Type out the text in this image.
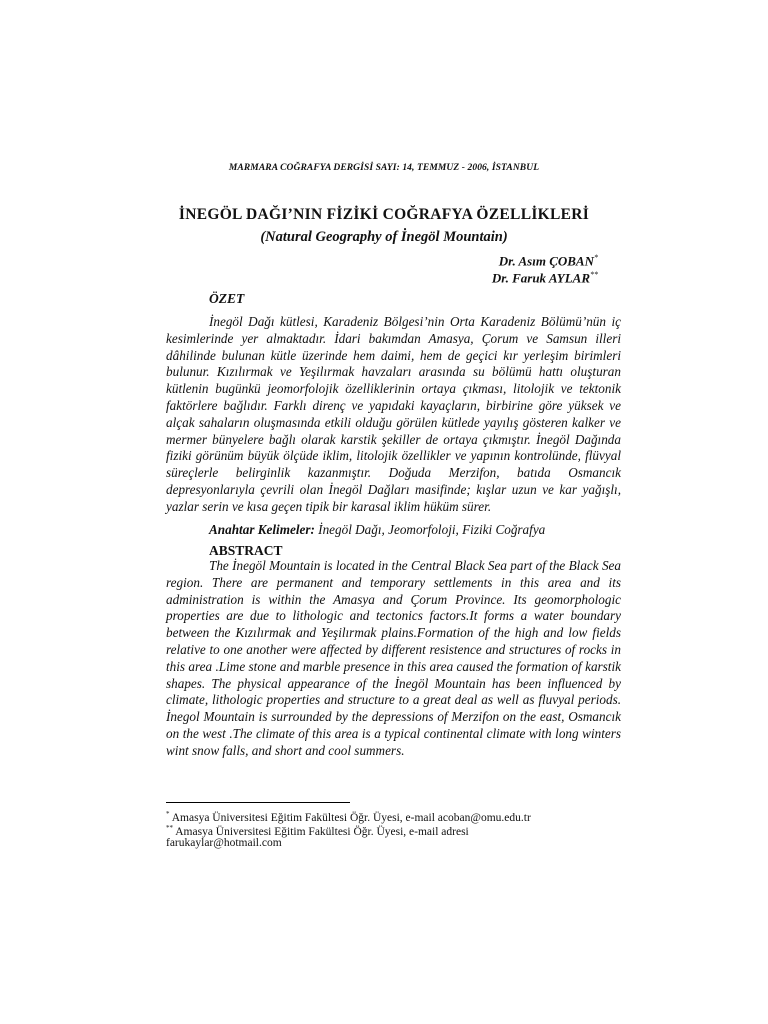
MARMARA COĞRAFYA DERGİSİ SAYI: 14, TEMMUZ - 2006, İSTANBUL
İNEGÖL DAĞI’NIN FİZİKİ COĞRAFYA ÖZELLİKLERİ
(Natural Geography of İnegöl Mountain)
Dr. Asım ÇOBAN*
Dr. Faruk AYLAR**
ÖZET
İnegöl Dağı kütlesi, Karadeniz Bölgesi’nin Orta Karadeniz Bölümü’nün iç kesimlerinde yer almaktadır. İdari bakımdan Amasya, Çorum ve Samsun illeri dâhilinde bulunan kütle üzerinde hem daimi, hem de geçici kır yerleşim birimleri bulunur. Kızılırmak ve Yeşilırmak havzaları arasında su bölümü hattı oluşturan kütlenin bugünkü jeomorfolojik özelliklerinin ortaya çıkması, litolojik ve tektonik faktörlere bağlıdır. Farklı direnç ve yapıdaki kayaçların, birbirine göre yüksek ve alçak sahaların oluşmasında etkili olduğu görülen kütlede yayılış gösteren kalker ve mermer bünyelere bağlı olarak karstik şekiller de ortaya çıkmıştır. İnegöl Dağında fiziki görünüm büyük ölçüde iklim, litolojik özellikler ve yapının kontrolünde, flüvyal süreçlerle belirginlik kazanmıştır. Doğuda Merzifon, batıda Osmancık depresyonlarıyla çevrili olan İnegöl Dağları masifinde; kışlar uzun ve kar yağışlı, yazlar serin ve kısa geçen tipik bir karasal iklim hüküm sürer.
Anahtar Kelimeler: İnegöl Dağı, Jeomorfoloji, Fiziki Coğrafya
ABSTRACT
The İnegöl Mountain is located in the Central Black Sea part of the Black Sea region. There are permanent and temporary settlements in this area and its administration is within the Amasya and Çorum Province. Its geomorphologic properties are due to lithologic and tectonics factors.It forms a water boundary between the Kızılırmak and Yeşilırmak plains.Formation of the high and low fields relative to one another were affected by different resistence and structures of rocks in this area .Lime stone and marble presence in this area caused the formation of karstik shapes. The physical appearance of the İnegöl Mountain has been influenced by climate, lithologic properties and structure to a great deal as well as fluvyal periods. İnegol Mountain is surrounded by the depressions of Merzifon on the east, Osmancık on the west .The climate of this area is a typical continental climate with long winters wint snow falls, and short and cool summers.
* Amasya Üniversitesi Eğitim Fakültesi Öğr. Üyesi, e-mail acoban@omu.edu.tr
** Amasya Üniversitesi Eğitim Fakültesi Öğr. Üyesi, e-mail adresi
farukaylar@hotmail.com
